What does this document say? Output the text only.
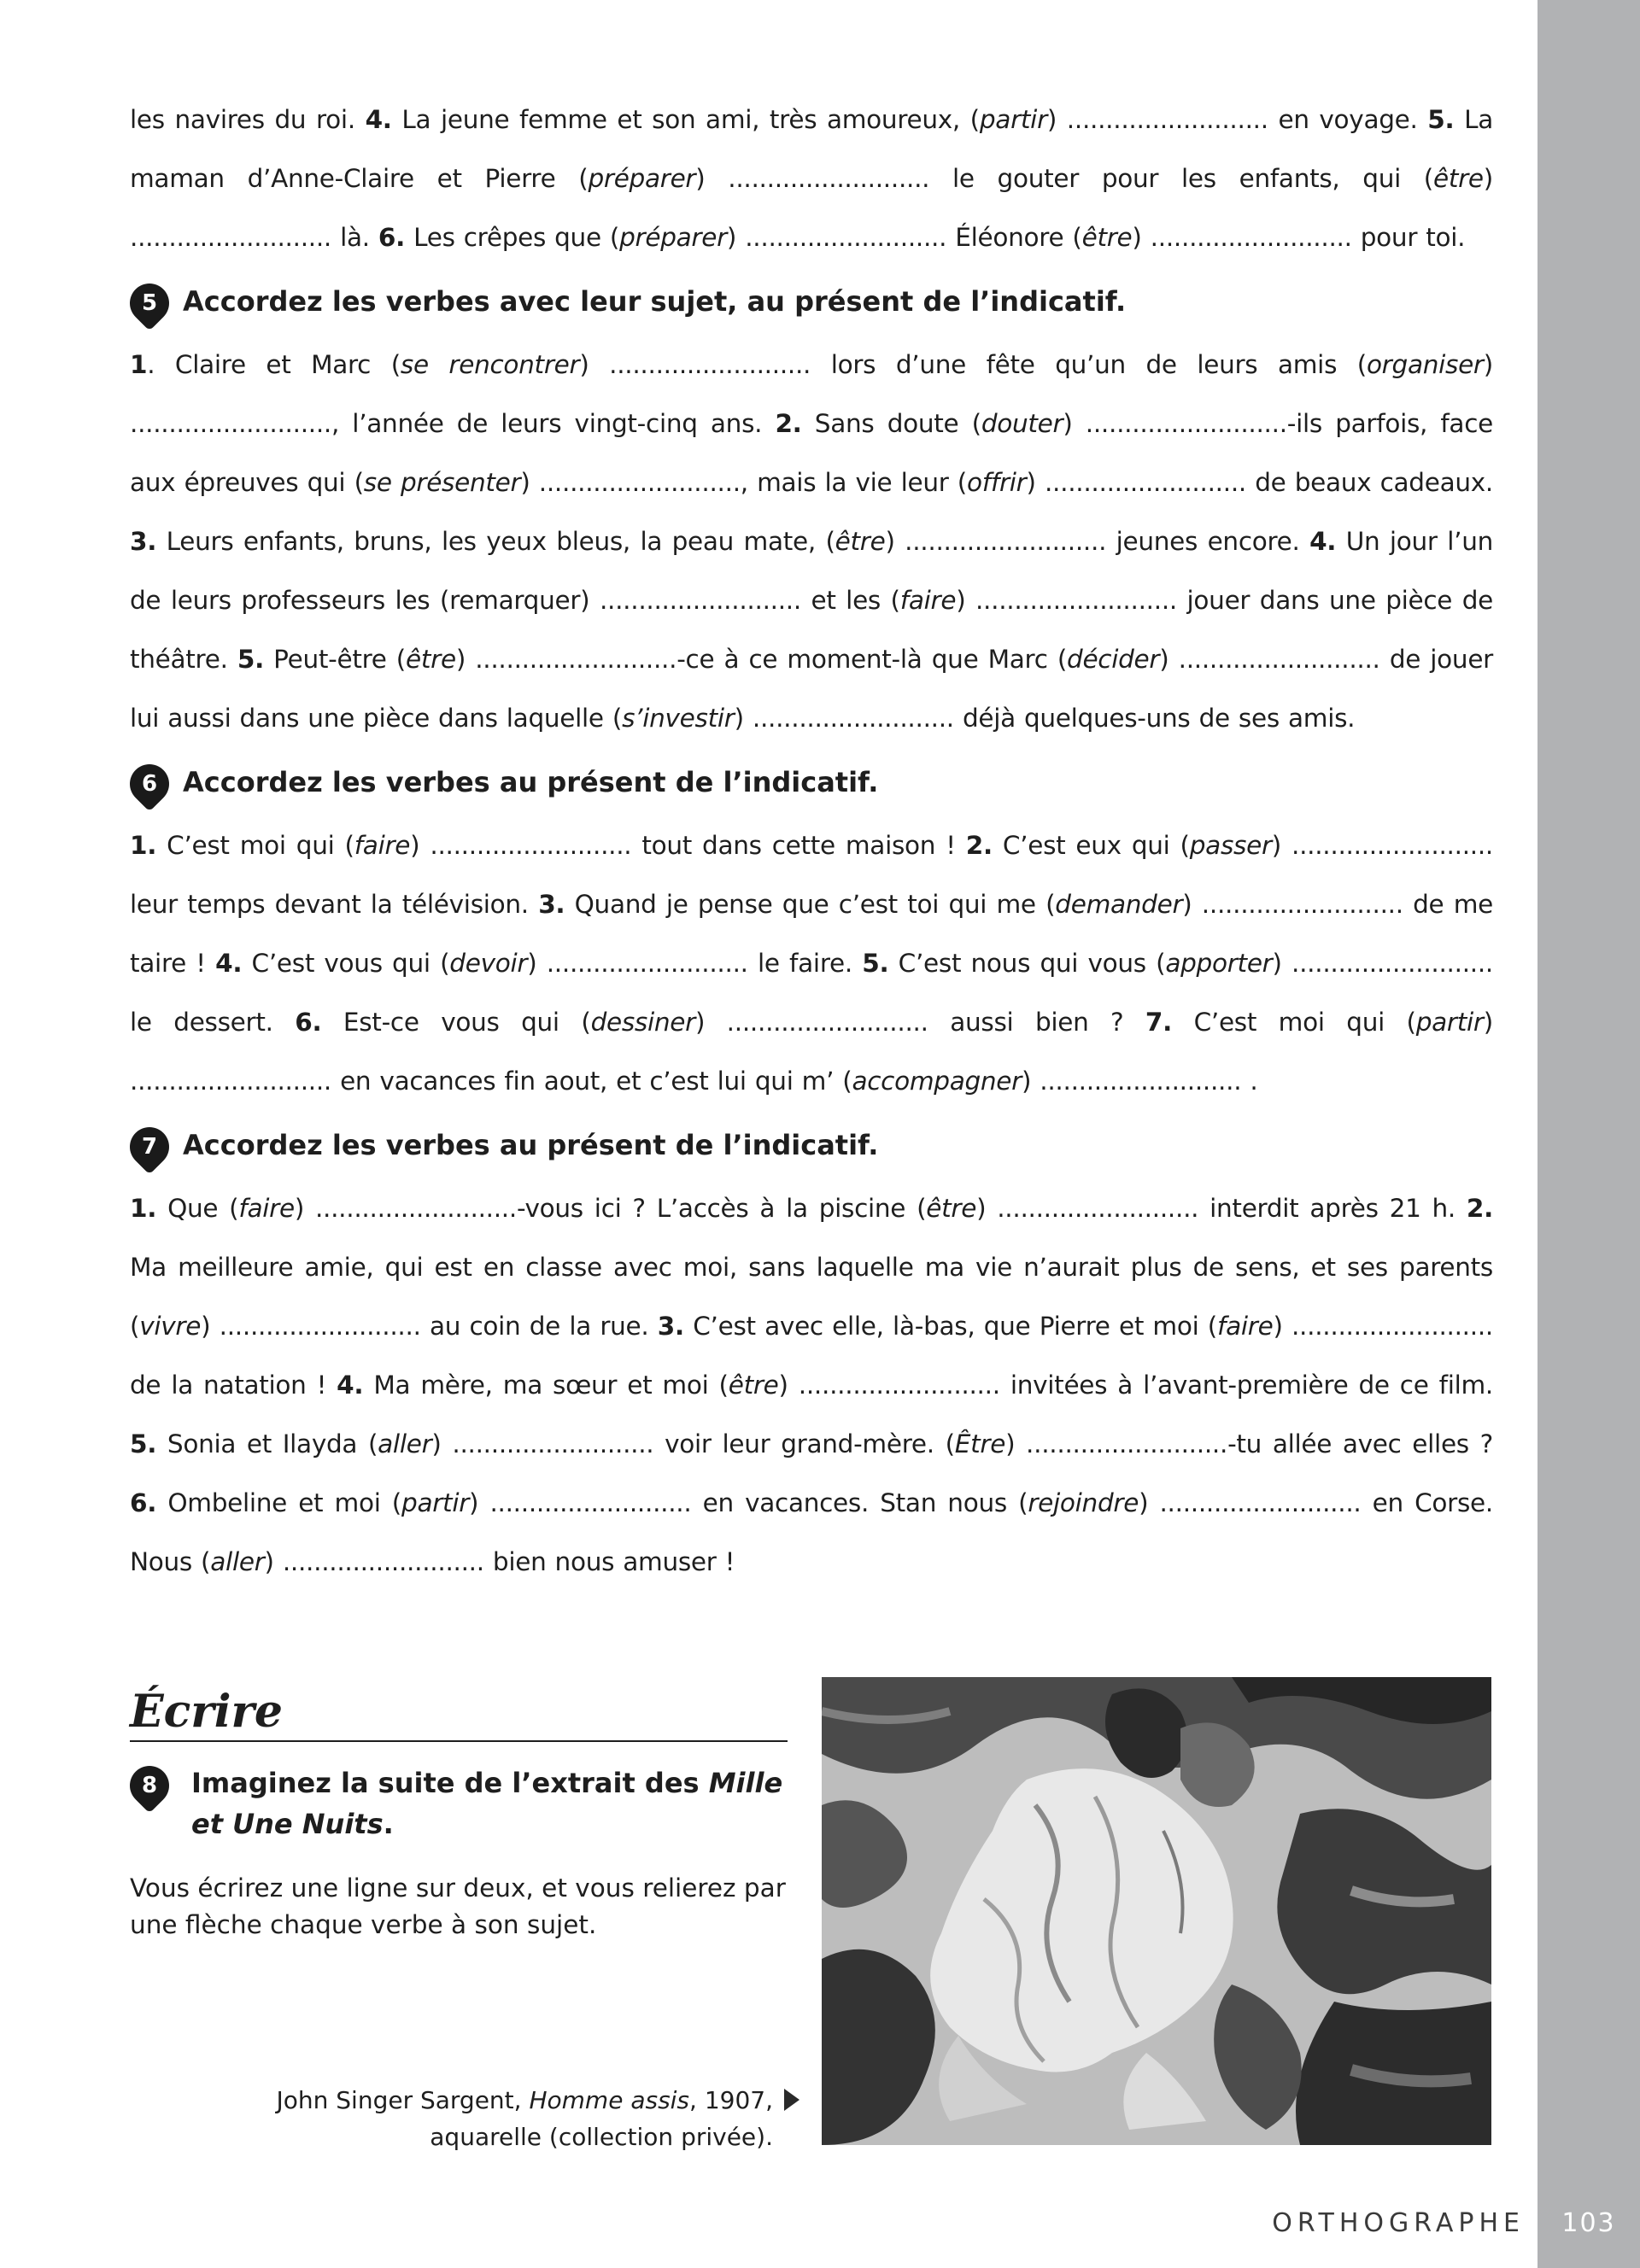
les navires du roi. 4. La jeune femme et son ami, très amoureux, (partir) .......................... en voyage. 5. La maman d’Anne-Claire et Pierre (préparer) .......................... le gouter pour les enfants, qui (être) .......................... là. 6. Les crêpes que (préparer) .......................... Éléonore (être) .......................... pour toi.

5 Accordez les verbes avec leur sujet, au présent de l’indicatif.

1. Claire et Marc (se rencontrer) .......................... lors d’une fête qu’un de leurs amis (organiser) .........................., l’année de leurs vingt-cinq ans. 2. Sans doute (douter) ..........................-ils parfois, face aux épreuves qui (se présenter) .........................., mais la vie leur (offrir) .......................... de beaux cadeaux. 3. Leurs enfants, bruns, les yeux bleus, la peau mate, (être) .......................... jeunes encore. 4. Un jour l’un de leurs professeurs les (remarquer) .......................... et les (faire) .......................... jouer dans une pièce de théâtre. 5. Peut-être (être) ..........................-ce à ce moment-là que Marc (décider) .......................... de jouer lui aussi dans une pièce dans laquelle (s’investir) .......................... déjà quelques-uns de ses amis.

6 Accordez les verbes au présent de l’indicatif.

1. C’est moi qui (faire) .......................... tout dans cette maison ! 2. C’est eux qui (passer) .......................... leur temps devant la télévision. 3. Quand je pense que c’est toi qui me (demander) .......................... de me taire ! 4. C’est vous qui (devoir) .......................... le faire. 5. C’est nous qui vous (apporter) .......................... le dessert. 6. Est-ce vous qui (dessiner) .......................... aussi bien ? 7. C’est moi qui (partir) .......................... en vacances fin aout, et c’est lui qui m’ (accompagner) .......................... .

7 Accordez les verbes au présent de l’indicatif.

1. Que (faire) ..........................-vous ici ? L’accès à la piscine (être) .......................... interdit après 21 h. 2. Ma meilleure amie, qui est en classe avec moi, sans laquelle ma vie n’aurait plus de sens, et ses parents (vivre) .......................... au coin de la rue. 3. C’est avec elle, là-bas, que Pierre et moi (faire) .......................... de la natation ! 4. Ma mère, ma sœur et moi (être) .......................... invitées à l’avant-première de ce film. 5. Sonia et Ilayda (aller) .......................... voir leur grand-mère. (Être) ..........................-tu allée avec elles ? 6. Ombeline et moi (partir) .......................... en vacances. Stan nous (rejoindre) .......................... en Corse. Nous (aller) .......................... bien nous amuser !

Écrire
8	Imaginez la suite de l’extrait des Mille et Une Nuits.
Vous écrirez une ligne sur deux, et vous relierez par une flèche chaque verbe à son sujet.
John Singer Sargent, Homme assis, 1907,
aquarelle (collection privée).
ORTHOGRAPHE	103
